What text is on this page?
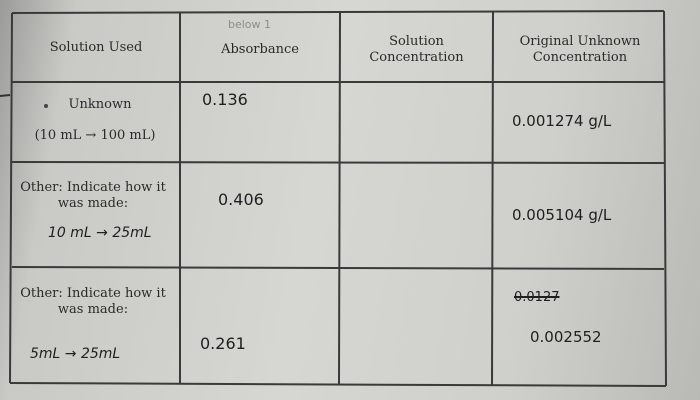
Solution Used
below 1
Absorbance
Solution Concentration
Original Unknown Concentration
Unknown
(10 mL → 100 mL)
0.136
0.001274 g/L
Other: Indicate how it was made:
10 mL → 25mL
0.406
0.005104 g/L
Other: Indicate how it was made:
5mL → 25mL
0.261
0.0127
0.002552
